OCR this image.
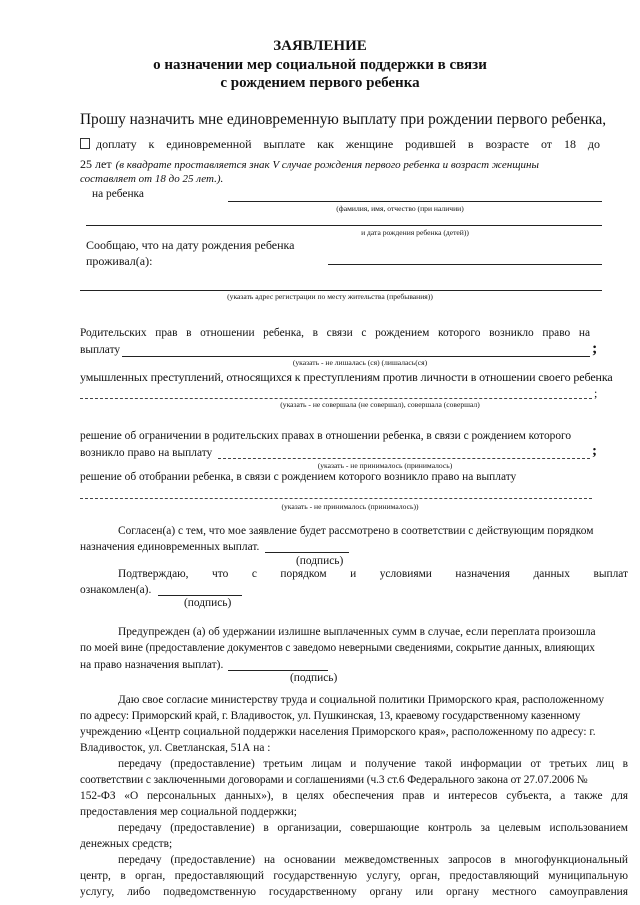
ЗАЯВЛЕНИЕ
о назначении мер социальной поддержки в связи
с рождением первого ребенка
Прошу назначить мне единовременную выплату при рождении первого ребенка,
доплату к единовременной выплате как женщине родившей в возрасте от 18 до
25 лет (в квадрате проставляется знак V случае рождения первого ребенка и возраст женщины
составляет от 18 до 25 лет.).
на ребенка
(фамилия, имя, отчество (при наличии)
и дата рождения ребенка (детей))
Сообщаю, что на дату рождения ребенка
проживал(а):
(указать адрес регистрации по месту жительства (пребывания))
Родительских прав в отношении ребенка, в связи с рождением которого возникло право на
выплату	;
(указать - не лишалась (ся) (лишалась(ся)
умышленных преступлений, относящихся к преступлениям против личности в отношении своего ребенка
;
(указать - не совершала (не совершал), совершала (совершал)
решение об ограничении в родительских правах в отношении ребенка, в связи с рождением которого
возникло право на выплату	;
(указать - не принималось (принималось)
решение об отобрании ребенка, в связи с рождением которого возникло право на выплату
(указать - не принималось (принималось))
Согласен(а) с тем, что мое заявление будет рассмотрено в соответствии с действующим порядком
назначения единовременных выплат.
(подпись)
Подтверждаю, что с порядком и условиями назначения данных выплат
ознакомлен(а).
(подпись)
Предупрежден (а) об удержании излишне выплаченных сумм в случае, если переплата произошла
по моей вине (предоставление документов с заведомо неверными сведениями, сокрытие данных, влияющих
на право назначения выплат).
(подпись)
Даю свое согласие министерству труда и социальной политики Приморского края, расположенному
по адресу: Приморский край, г. Владивосток, ул. Пушкинская, 13, краевому государственному казенному
учреждению «Центр социальной поддержки населения Приморского края», расположенному по адресу: г.
Владивосток, ул. Светланская, 51А на :
передачу (предоставление) третьим лицам и получение такой информации от третьих лиц в
соответствии с заключенными договорами и соглашениями (ч.3 ст.6 Федерального закона от 27.07.2006 №
152-ФЗ «О персональных данных»), в целях обеспечения прав и интересов субъекта, а также для
предоставления мер социальной поддержки;
передачу (предоставление) в организации, совершающие контроль за целевым использованием
денежных средств;
передачу (предоставление) на основании межведомственных запросов в многофункциональный
центр, в орган, предоставляющий государственную услугу, орган, предоставляющий муниципальную
услугу, либо подведомственную государственному органу или органу местного самоуправления
